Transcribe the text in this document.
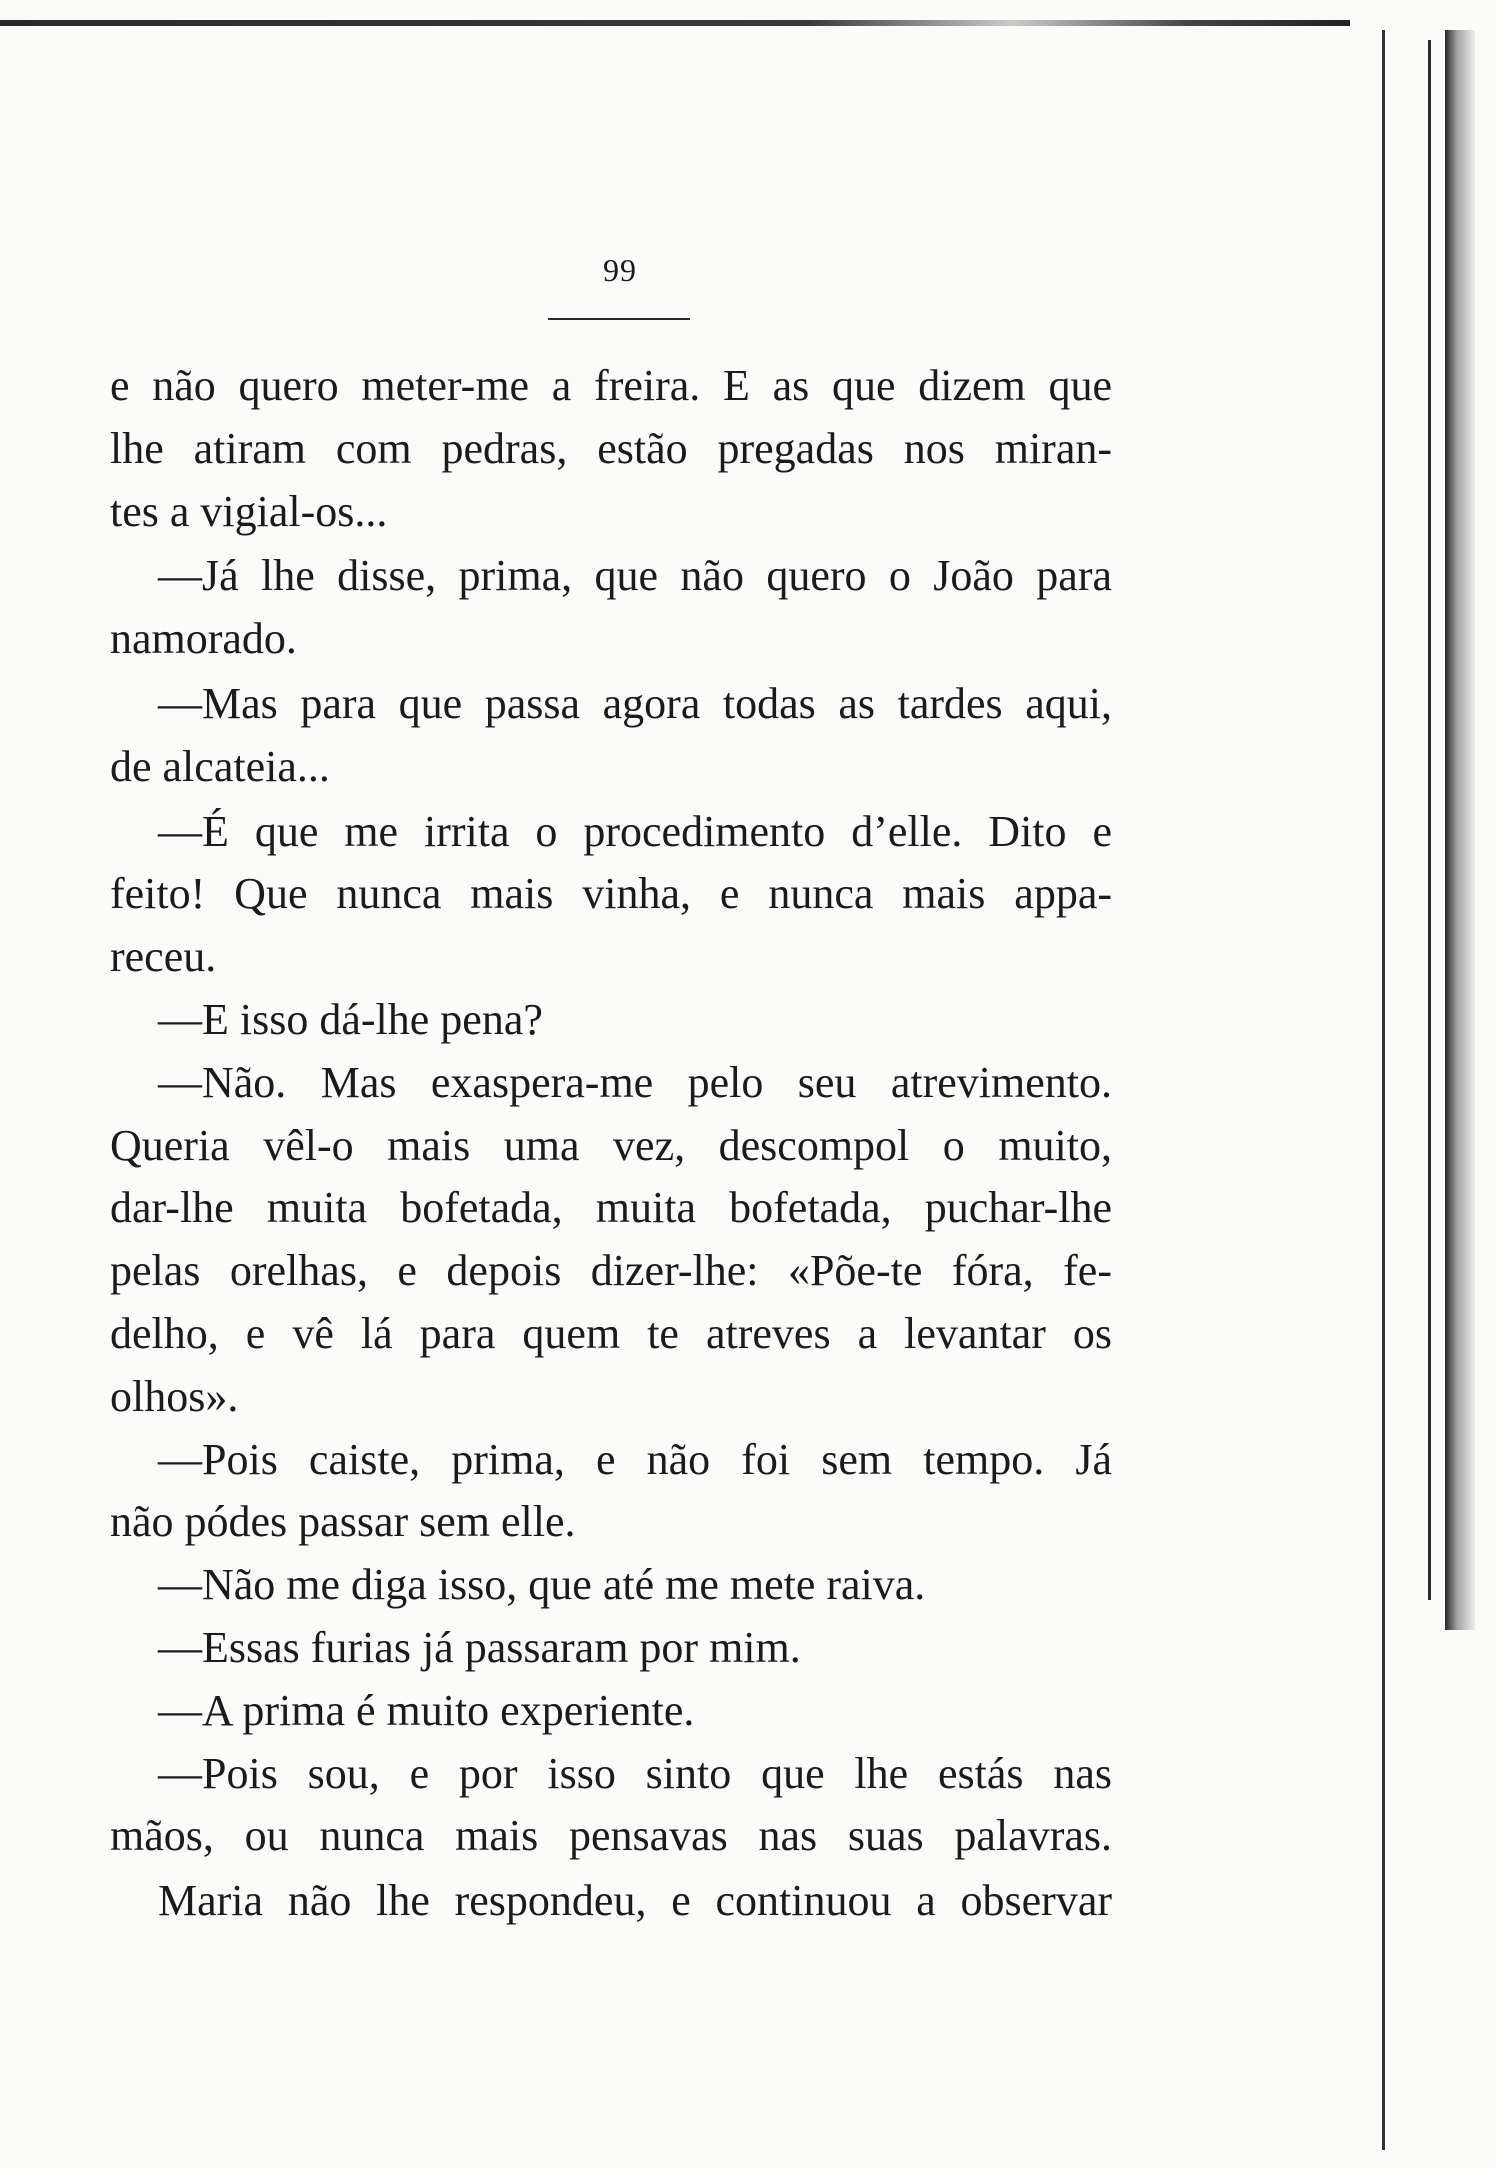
99
e não quero meter-me a freira. E as que dizem que
lhe atiram com pedras, estão pregadas nos miran-
tes a vigial-os...
—Já lhe disse, prima, que não quero o João para
namorado.
—Mas para que passa agora todas as tardes aqui,
de alcateia...
—É que me irrita o procedimento d’elle. Dito e
feito! Que nunca mais vinha, e nunca mais appa-
receu.
—E isso dá-lhe pena?
—Não. Mas exaspera-me pelo seu atrevimento.
Queria vêl-o mais uma vez, descompol o muito,
dar-lhe muita bofetada, muita bofetada, puchar-lhe
pelas orelhas, e depois dizer-lhe: «Põe-te fóra, fe-
delho, e vê lá para quem te atreves a levantar os
olhos».
—Pois caiste, prima, e não foi sem tempo. Já
não pódes passar sem elle.
—Não me diga isso, que até me mete raiva.
—Essas furias já passaram por mim.
—A prima é muito experiente.
—Pois sou, e por isso sinto que lhe estás nas
mãos, ou nunca mais pensavas nas suas palavras.
Maria não lhe respondeu, e continuou a observar
